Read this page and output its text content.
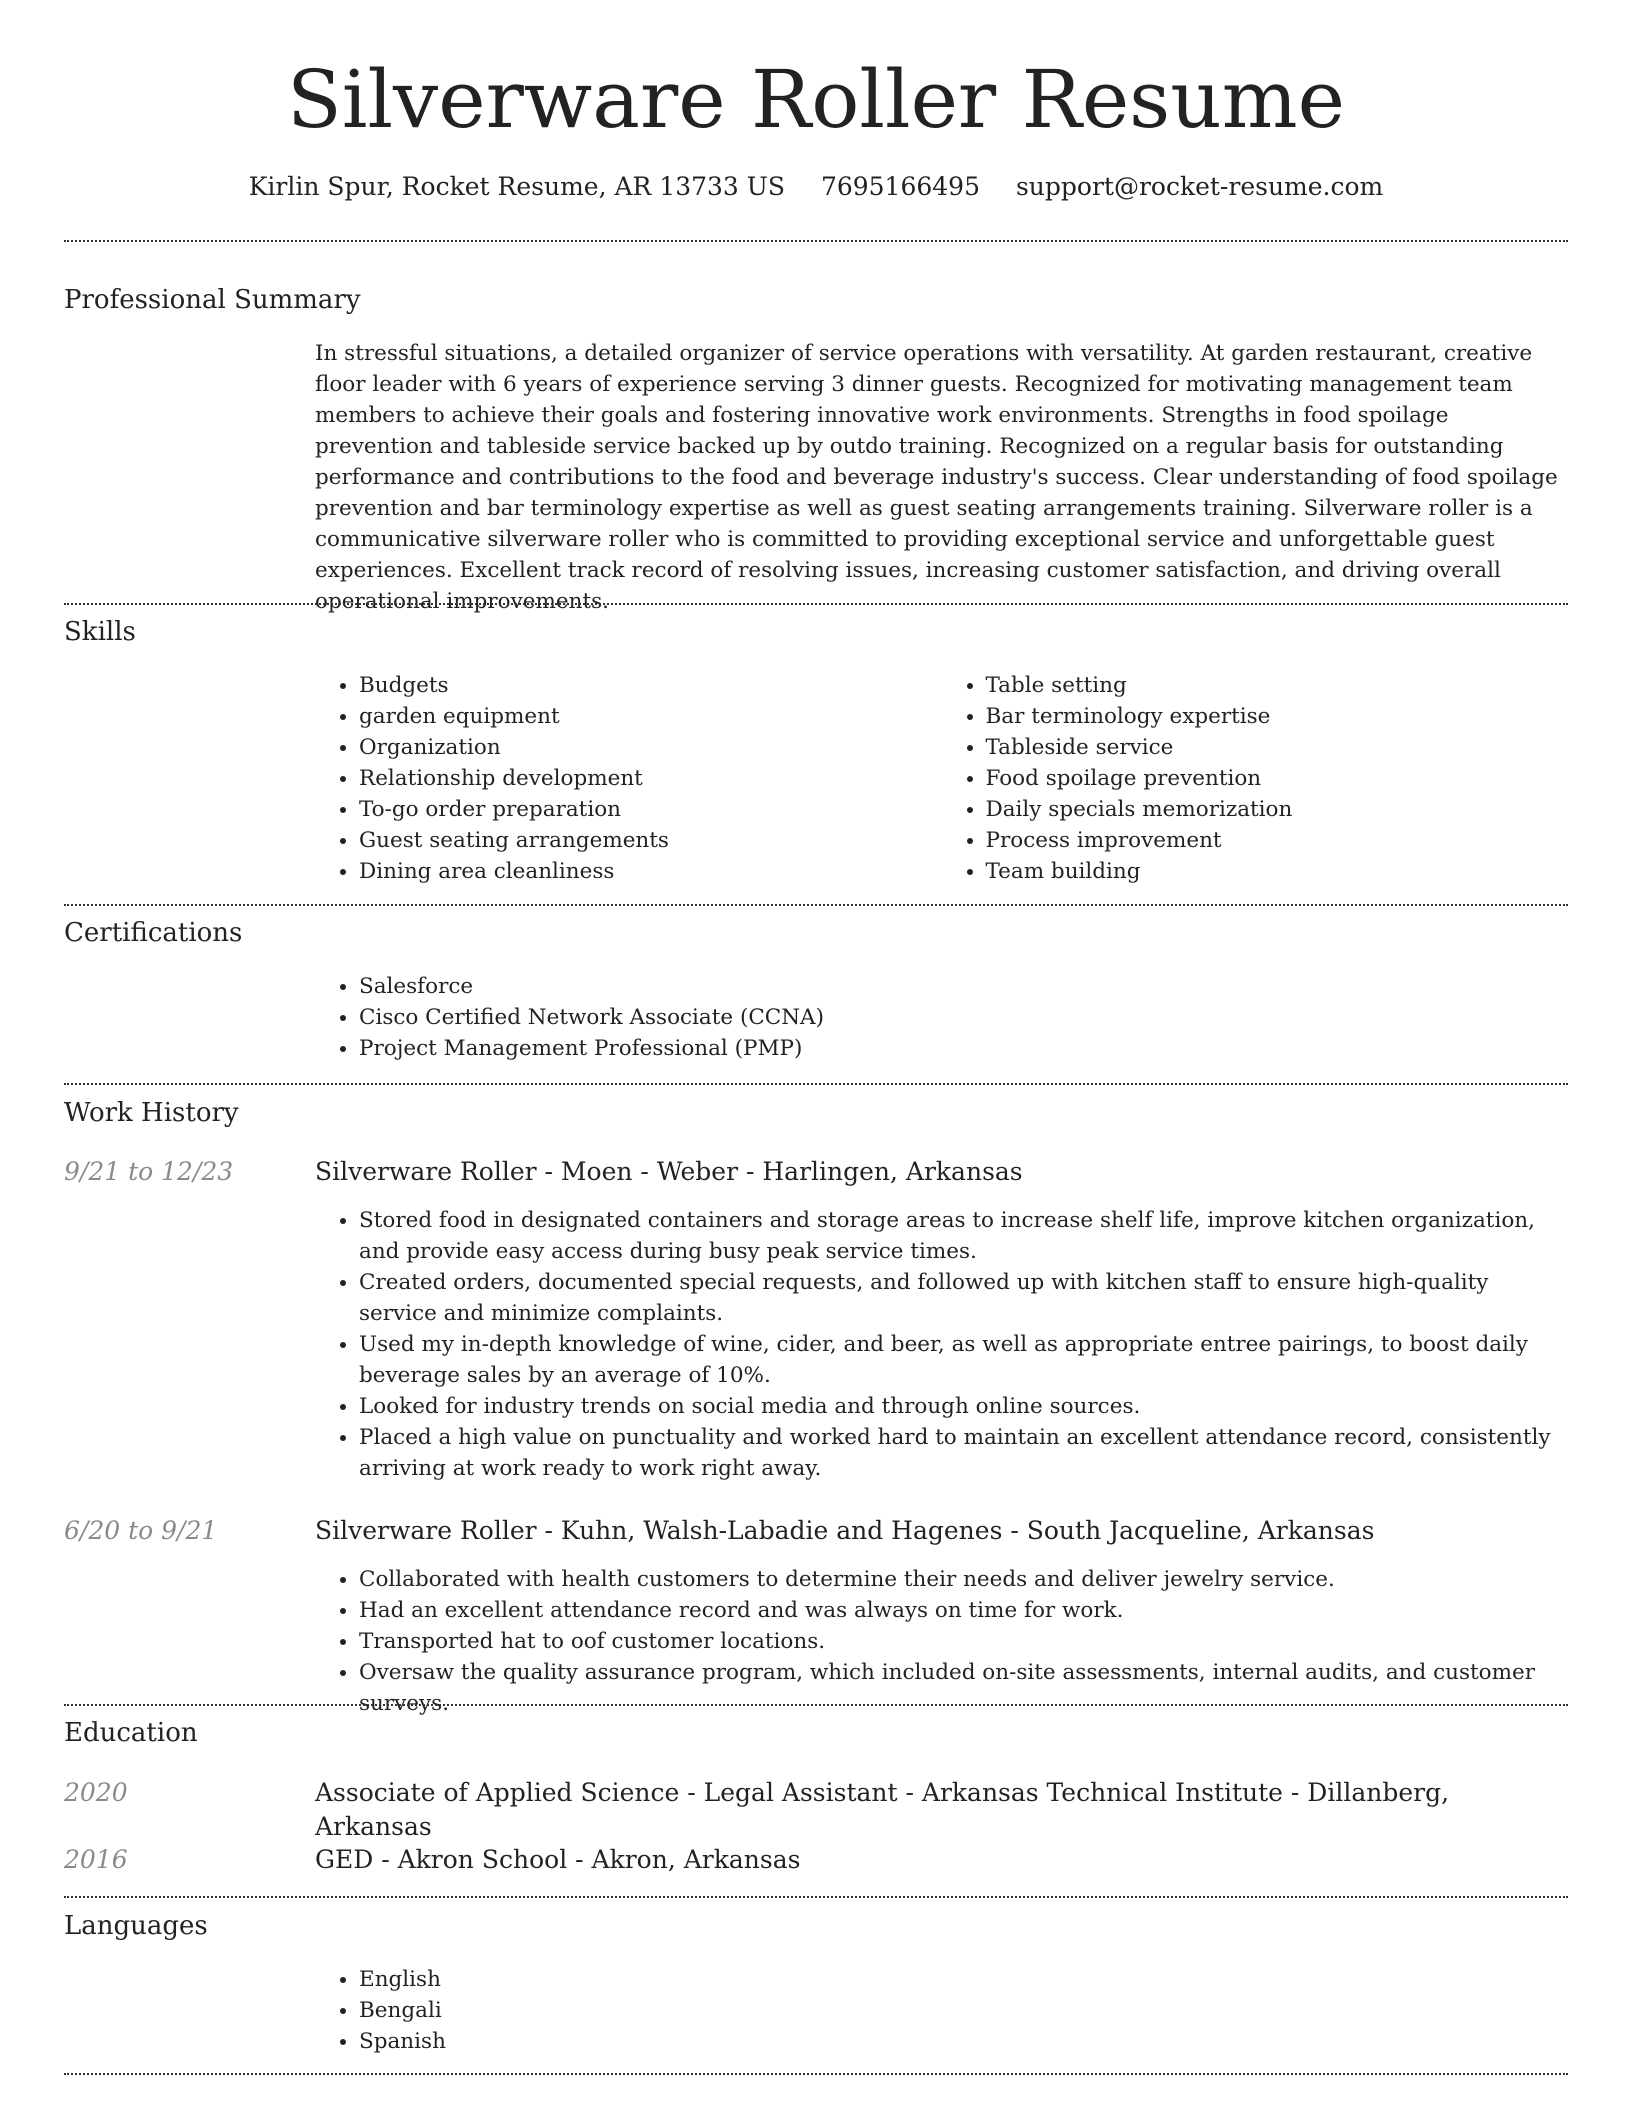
Silverware Roller Resume
Kirlin Spur, Rocket Resume, AR 13733 US 7695166495 support@rocket-resume.com
Professional Summary

In stressful situations, a detailed organizer of service operations with versatility. At garden restaurant, creative floor leader with 6 years of experience serving 3 dinner guests. Recognized for motivating management team members to achieve their goals and fostering innovative work environments. Strengths in food spoilage prevention and tableside service backed up by outdo training. Recognized on a regular basis for outstanding performance and contributions to the food and beverage industry's success. Clear understanding of food spoilage prevention and bar terminology expertise as well as guest seating arrangements training. Silverware roller is a communicative silverware roller who is committed to providing exceptional service and unforgettable guest experiences. Excellent track record of resolving issues, increasing customer satisfaction, and driving overall operational improvements.

Skills
• Budgets
• garden equipment
• Organization
• Relationship development
• To-go order preparation
• Guest seating arrangements
• Dining area cleanliness
• Table setting
• Bar terminology expertise
• Tableside service
• Food spoilage prevention
• Daily specials memorization
• Process improvement
• Team building
Certifications
• Salesforce
• Cisco Certified Network Associate (CCNA)
• Project Management Professional (PMP)
Work History
9/21 to 12/23	Silverware Roller - Moen - Weber - Harlingen, Arkansas
• Stored food in designated containers and storage areas to increase shelf life, improve kitchen organization, and provide easy access during busy peak service times.
• Created orders, documented special requests, and followed up with kitchen staff to ensure high-quality service and minimize complaints.
• Used my in-depth knowledge of wine, cider, and beer, as well as appropriate entree pairings, to boost daily beverage sales by an average of 10%.
• Looked for industry trends on social media and through online sources.
• Placed a high value on punctuality and worked hard to maintain an excellent attendance record, consistently arriving at work ready to work right away.
6/20 to 9/21	Silverware Roller - Kuhn, Walsh-Labadie and Hagenes - South Jacqueline, Arkansas
• Collaborated with health customers to determine their needs and deliver jewelry service.
• Had an excellent attendance record and was always on time for work.
• Transported hat to oof customer locations.
• Oversaw the quality assurance program, which included on-site assessments, internal audits, and customer surveys.
Education
2020	Associate of Applied Science - Legal Assistant - Arkansas Technical Institute - Dillanberg, Arkansas
2016	GED - Akron School - Akron, Arkansas
Languages
• English
• Bengali
• Spanish
